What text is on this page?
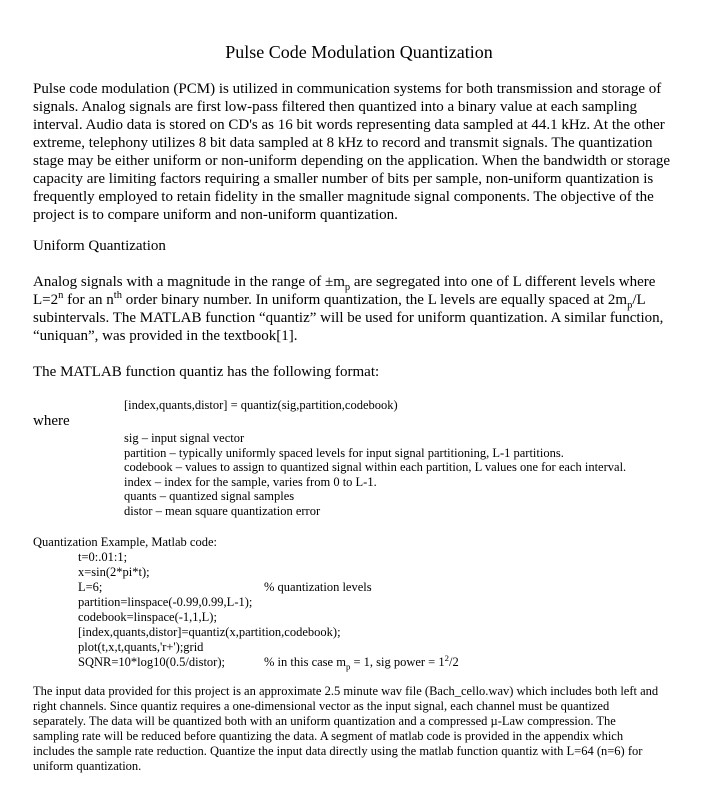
Pulse Code Modulation Quantization

Pulse code modulation (PCM) is utilized in communication systems for both transmission and storage of signals. Analog signals are first low-pass filtered then quantized into a binary value at each sampling interval. Audio data is stored on CD's as 16 bit words representing data sampled at 44.1 kHz. At the other extreme, telephony utilizes 8 bit data sampled at 8 kHz to record and transmit signals. The quantization stage may be either uniform or non-uniform depending on the application. When the bandwidth or storage capacity are limiting factors requiring a smaller number of bits per sample, non-uniform quantization is frequently employed to retain fidelity in the smaller magnitude signal components. The objective of the project is to compare uniform and non-uniform quantization.

Uniform Quantization

Analog signals with a magnitude in the range of $\pm m_p$ are segregated into one of L different levels where $L=2^n$ for an $n^{th}$ order binary number. In uniform quantization, the L levels are equally spaced at $2m_p/L$ subintervals. The MATLAB function “quantiz” will be used for uniform quantization. A similar function, “uniquan”, was provided in the textbook[1].

The MATLAB function quantiz has the following format:

[index,quants,distor] = quantiz(sig,partition,codebook)

where

sig – input signal vector
partition – typically uniformly spaced levels for input signal partitioning, L-1 partitions.
codebook – values to assign to quantized signal within each partition, L values one for each interval.
index – index for the sample, varies from 0 to L-1.
quants – quantized signal samples
distor – mean square quantization error

Quantization Example, Matlab code:

t=0:.01:1;
x=sin(2*pi*t);
L=6;	% quantization levels
partition=linspace(-0.99,0.99,L-1);
codebook=linspace(-1,1,L);
[index,quants,distor]=quantiz(x,partition,codebook);
plot(t,x,t,quants,'r+');grid
SQNR=10*log10(0.5/distor);	% in this case $m_p = 1$, sig power = $1^2/2$

The input data provided for this project is an approximate 2.5 minute wav file (Bach_cello.wav) which includes both left and right channels. Since quantiz requires a one-dimensional vector as the input signal, each channel must be quantized separately. The data will be quantized both with an uniform quantization and a compressed µ-Law compression. The sampling rate will be reduced before quantizing the data. A segment of matlab code is provided in the appendix which includes the sample rate reduction. Quantize the input data directly using the matlab function quantiz with L=64 (n=6) for uniform quantization.
